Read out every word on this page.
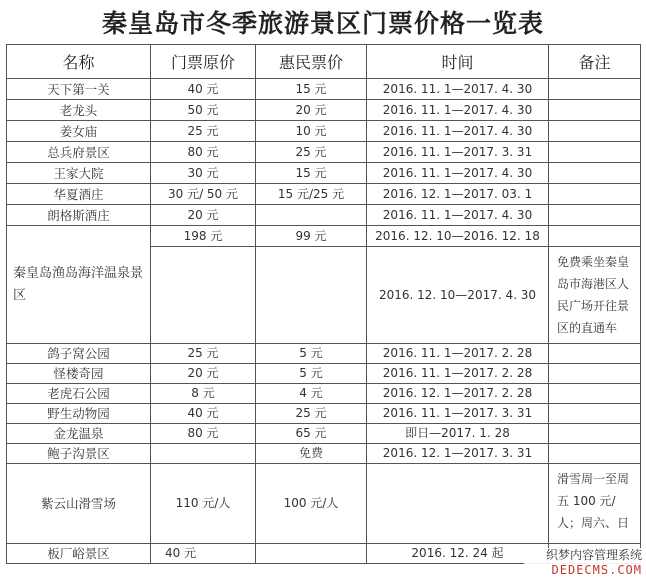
秦皇岛市冬季旅游景区门票价格一览表
名称	门票原价	惠民票价	时间	备注
天下第一关	40 元	15 元	2016. 11. 1—2017. 4. 30	
老龙头	50 元	20 元	2016. 11. 1—2017. 4. 30	
姜女庙	25 元	10 元	2016. 11. 1—2017. 4. 30	
总兵府景区	80 元	25 元	2016. 11. 1—2017. 3. 31	
王家大院	30 元	15 元	2016. 11. 1—2017. 4. 30	
华夏酒庄	30 元/ 50 元	15 元/25 元	2016. 12. 1—2017. 03. 1	
朗格斯酒庄	20 元		2016. 11. 1—2017. 4. 30	
秦皇岛渔岛海洋温泉景区	198 元	99 元	2016. 12. 10—2016. 12. 18	
			2016. 12. 10—2017. 4. 30	免费乘坐秦皇岛市海港区人民广场开往景区的直通车
鸽子窝公园	25 元	5 元	2016. 11. 1—2017. 2. 28	
怪楼奇园	20 元	5 元	2016. 11. 1—2017. 2. 28	
老虎石公园	8 元	4 元	2016. 12. 1—2017. 2. 28	
野生动物园	40 元	25 元	2016. 11. 1—2017. 3. 31	
金龙温泉	80 元	65 元	即日—2017. 1. 28	
鲍子沟景区		免费	2016. 12. 1—2017. 3. 31	
紫云山滑雪场	110 元/人	100 元/人		滑雪周一至周五 100 元/人；周六、日
板厂峪景区	40 元		2016. 12. 24 起		织梦内容管理系统
DEDECMS.COM
